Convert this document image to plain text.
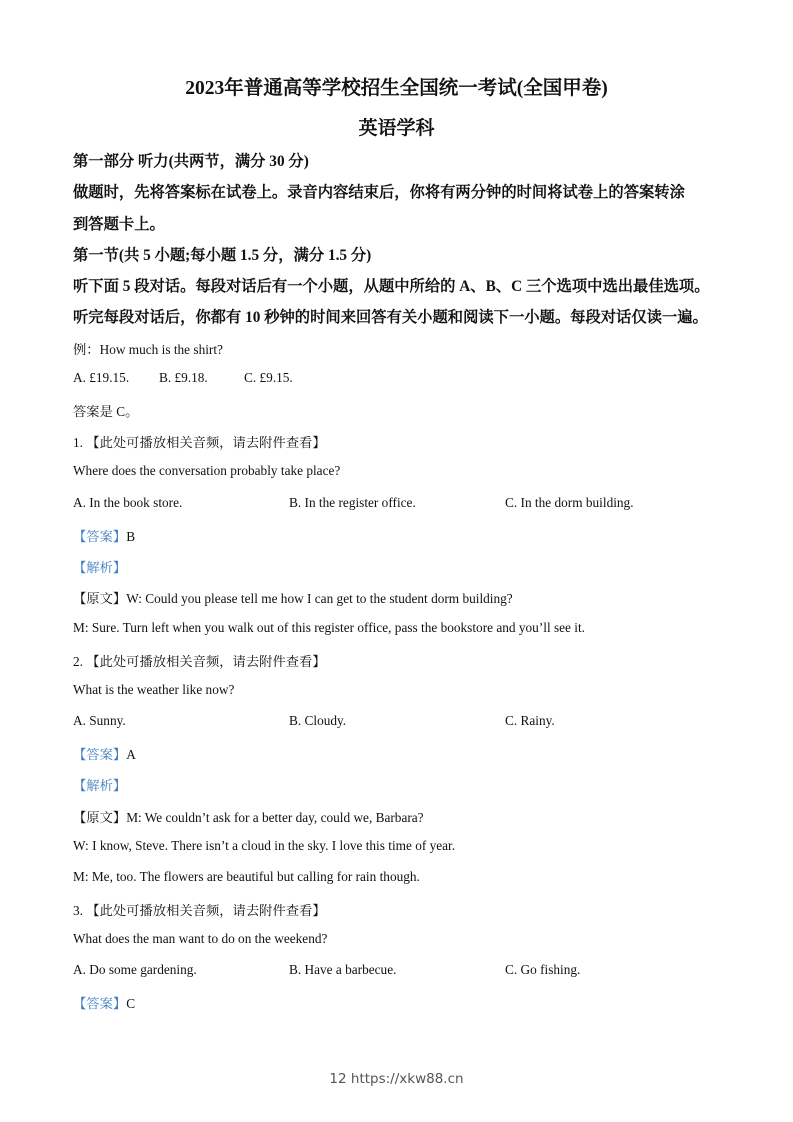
2023年普通高等学校招生全国统一考试(全国甲卷)
英语学科
第一部分 听力(共两节，满分 30 分)
做题时，先将答案标在试卷上。录音内容结束后，你将有两分钟的时间将试卷上的答案转涂
到答题卡上。
第一节(共 5 小题;每小题 1.5 分，满分 1.5 分)
听下面 5 段对话。每段对话后有一个小题，从题中所给的 A、B、C 三个选项中选出最佳选项。
听完每段对话后，你都有 10 秒钟的时间来回答有关小题和阅读下一小题。每段对话仅读一遍。
例：How much is the shirt?
A. £19.15. B. £9.18.	C. £9.15.
答案是 C。
1. 【此处可播放相关音频，请去附件查看】
Where does the conversation probably take place?
A. In the book store.	B. In the register office.	C. In the dorm building.
【答案】B
【解析】
【原文】W: Could you please tell me how I can get to the student dorm building?
M: Sure. Turn left when you walk out of this register office, pass the bookstore and you’ll see it.
2. 【此处可播放相关音频，请去附件查看】
What is the weather like now?
A. Sunny.	B. Cloudy.	C. Rainy.
【答案】A
【解析】
【原文】M: We couldn’t ask for a better day, could we, Barbara?
W: I know, Steve. There isn’t a cloud in the sky. I love this time of year.
M: Me, too. The flowers are beautiful but calling for rain though.
3. 【此处可播放相关音频，请去附件查看】
What does the man want to do on the weekend?
A. Do some gardening.	B. Have a barbecue.	C. Go fishing.
【答案】C
12 https://xkw88.cn
